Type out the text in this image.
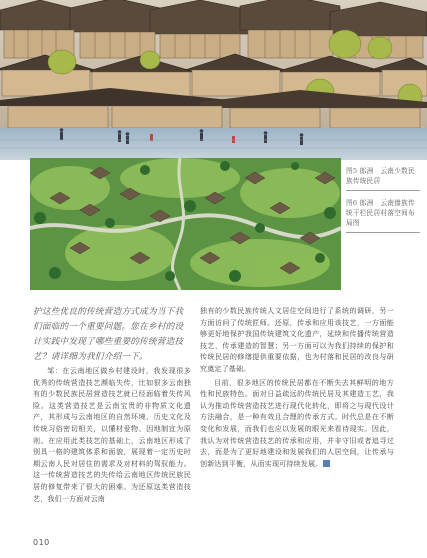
图5 郎洲　云南少数民族传统民居
图6 郎洲　云南傣族传统干栏民居村落空间布局图
护这些优良的传统营造方式成为当下我们面临的一个重要问题。您在乡村的设计实践中发现了哪些重要的传统营造技艺？请详细为我们介绍一下。

邹：在云南地区做乡村建设时，我发现很多优秀的传统营造技艺濒临失传，比如很多云南独有的少数民族民居营造技艺就已经面临着失传风险。这类营造技艺是云南宝贵的非物质文化遗产，其形成与云南地区的自然环境、历史文化及传统习俗密切相关，以懂材爱物、因地制宜为原则。在应用此类技艺的基础上，云南地区形成了别具一格的建筑体系和面貌，展现着一定历史时期云南人民对居住的需求及对材料的驾驭能力。这一传统营造技艺的失传给云南地区传统民族民居的修复带来了很大的困难。为还原这类营造技艺，我们一方面对云南

独有的少数民族传统人文居住空间进行了系统的调研，另一方面访问了传统匠师。还原，传承和应用该技艺，一方面能够更好地保护我国传统建筑文化遗产，延续和传播传统营造技艺，传承建造的智慧；另一方面可以为我们持续的保护和传统民居的修缮提供重要依据，也为村落和民居的改良与研究奠定了基础。

目前，很多地区的传统民居都在不断失去其鲜明的地方性和民族特色。面对日益疏远的传统民居及其建造工艺，我认为推动传统营造技艺进行现代化转化，即将之与现代设计方法融合，是一种有效且合理的传承方式。时代总是在不断变化和发展，而我们也应以发展的眼光来看待现实。因此，我认为对传统营造技艺的传承和应用，并非守旧或者追寻过去，而是为了更好地建设和发展我们的人居空间，让传承与创新达到平衡，从而实现可持续发展。

010
